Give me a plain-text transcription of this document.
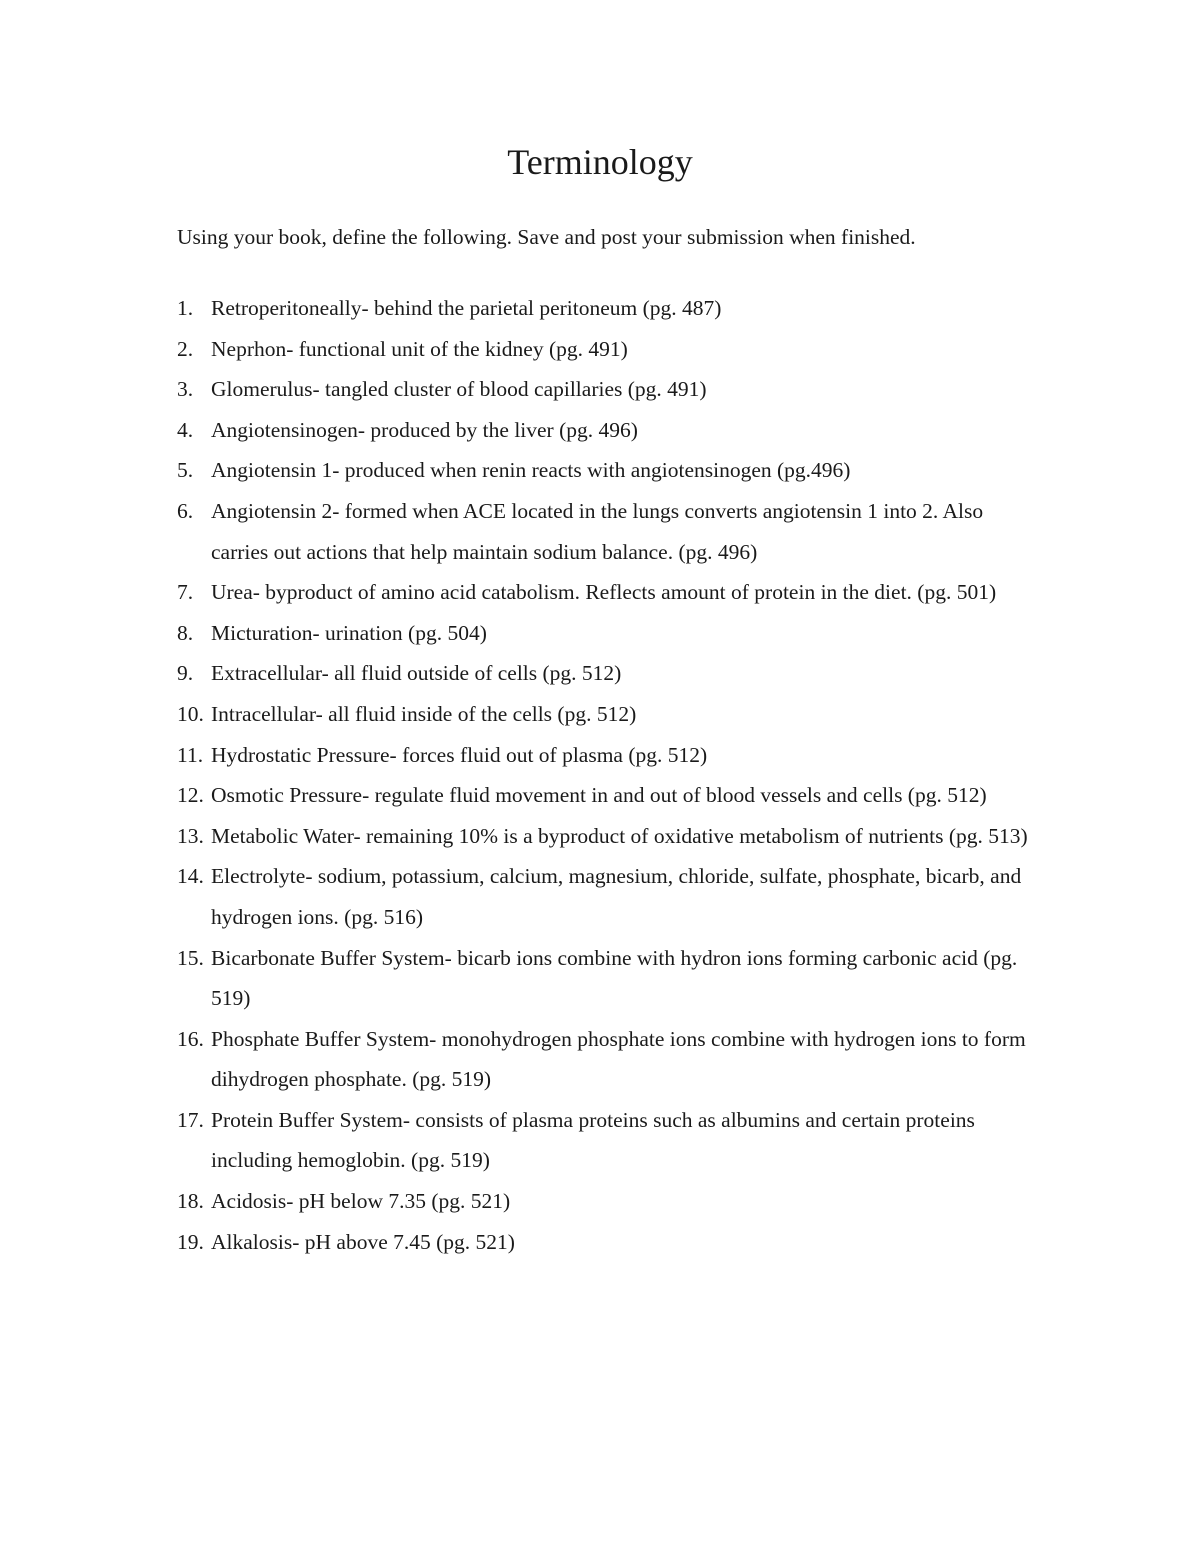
Terminology

Using your book, define the following. Save and post your submission when finished.

1. Retroperitoneally- behind the parietal peritoneum (pg. 487)
2. Neprhon- functional unit of the kidney (pg. 491)
3. Glomerulus- tangled cluster of blood capillaries (pg. 491)
4. Angiotensinogen- produced by the liver (pg. 496)
5. Angiotensin 1- produced when renin reacts with angiotensinogen (pg.496)
6. Angiotensin 2- formed when ACE located in the lungs converts angiotensin 1 into 2. Also carries out actions that help maintain sodium balance. (pg. 496)
7. Urea- byproduct of amino acid catabolism. Reflects amount of protein in the diet. (pg. 501)
8. Micturation- urination (pg. 504)
9. Extracellular- all fluid outside of cells (pg. 512)
10. Intracellular- all fluid inside of the cells (pg. 512)
11. Hydrostatic Pressure- forces fluid out of plasma (pg. 512)
12. Osmotic Pressure- regulate fluid movement in and out of blood vessels and cells (pg. 512)
13. Metabolic Water- remaining 10% is a byproduct of oxidative metabolism of nutrients (pg. 513)
14. Electrolyte- sodium, potassium, calcium, magnesium, chloride, sulfate, phosphate, bicarb, and hydrogen ions. (pg. 516)
15. Bicarbonate Buffer System- bicarb ions combine with hydron ions forming carbonic acid (pg. 519)
16. Phosphate Buffer System- monohydrogen phosphate ions combine with hydrogen ions to form dihydrogen phosphate. (pg. 519)
17. Protein Buffer System- consists of plasma proteins such as albumins and certain proteins including hemoglobin. (pg. 519)
18. Acidosis- pH below 7.35 (pg. 521)
19. Alkalosis- pH above 7.45 (pg. 521)
